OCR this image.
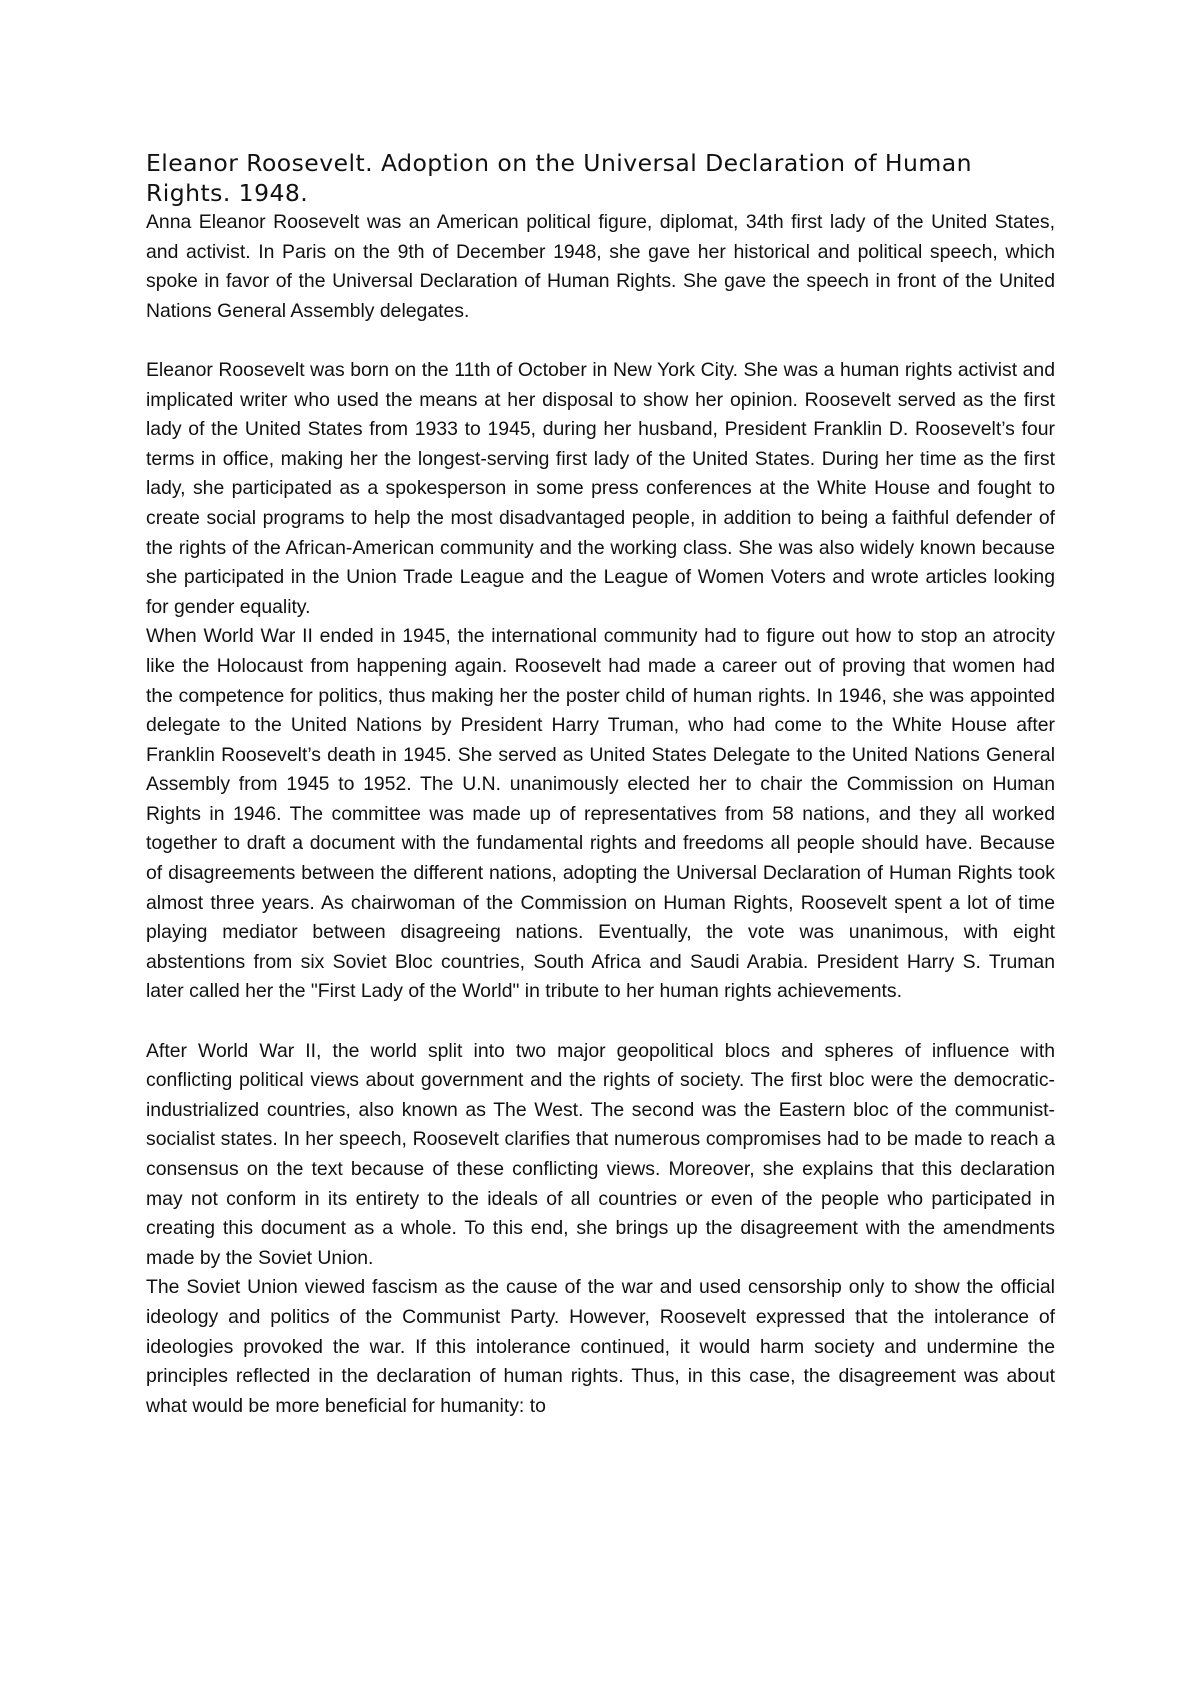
Eleanor Roosevelt. Adoption on the Universal Declaration of Human Rights. 1948.

Anna Eleanor Roosevelt was an American political figure, diplomat, 34th first lady of the United States, and activist. In Paris on the 9th of December 1948, she gave her historical and political speech, which spoke in favor of the Universal Declaration of Human Rights. She gave the speech in front of the United Nations General Assembly delegates.

Eleanor Roosevelt was born on the 11th of October in New York City. She was a human rights activist and implicated writer who used the means at her disposal to show her opinion. Roosevelt served as the first lady of the United States from 1933 to 1945, during her husband, President Franklin D. Roosevelt’s four terms in office, making her the longest-serving first lady of the United States. During her time as the first lady, she participated as a spokesperson in some press conferences at the White House and fought to create social programs to help the most disadvantaged people, in addition to being a faithful defender of the rights of the African-American community and the working class. She was also widely known because she participated in the Union Trade League and the League of Women Voters and wrote articles looking for gender equality.

When World War II ended in 1945, the international community had to figure out how to stop an atrocity like the Holocaust from happening again. Roosevelt had made a career out of proving that women had the competence for politics, thus making her the poster child of human rights. In 1946, she was appointed delegate to the United Nations by President Harry Truman, who had come to the White House after Franklin Roosevelt’s death in 1945. She served as United States Delegate to the United Nations General Assembly from 1945 to 1952. The U.N. unanimously elected her to chair the Commission on Human Rights in 1946. The committee was made up of representatives from 58 nations, and they all worked together to draft a document with the fundamental rights and freedoms all people should have. Because of disagreements between the different nations, adopting the Universal Declaration of Human Rights took almost three years. As chairwoman of the Commission on Human Rights, Roosevelt spent a lot of time playing mediator between disagreeing nations. Eventually, the vote was unanimous, with eight abstentions from six Soviet Bloc countries, South Africa and Saudi Arabia. President Harry S. Truman later called her the "First Lady of the World" in tribute to her human rights achievements.

After World War II, the world split into two major geopolitical blocs and spheres of influence with conflicting political views about government and the rights of society. The first bloc were the democratic-industrialized countries, also known as The West. The second was the Eastern bloc of the communist-socialist states. In her speech, Roosevelt clarifies that numerous compromises had to be made to reach a consensus on the text because of these conflicting views. Moreover, she explains that this declaration may not conform in its entirety to the ideals of all countries or even of the people who participated in creating this document as a whole. To this end, she brings up the disagreement with the amendments made by the Soviet Union.

The Soviet Union viewed fascism as the cause of the war and used censorship only to show the official ideology and politics of the Communist Party. However, Roosevelt expressed that the intolerance of ideologies provoked the war. If this intolerance continued, it would harm society and undermine the principles reflected in the declaration of human rights. Thus, in this case, the disagreement was about what would be more beneficial for humanity: to
